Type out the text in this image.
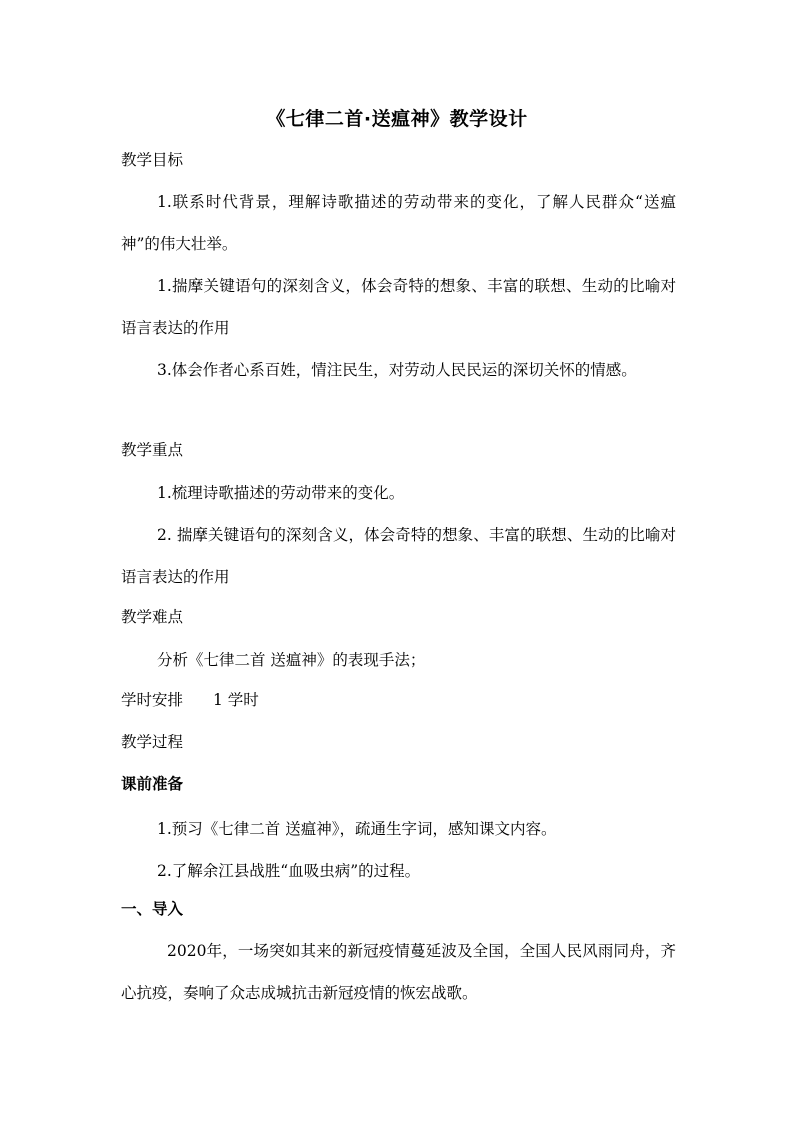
《七律二首·送瘟神》教学设计
教学目标

1.联系时代背景，理解诗歌描述的劳动带来的变化，了解人民群众“送瘟神”的伟大壮举。

1.揣摩关键语句的深刻含义，体会奇特的想象、丰富的联想、生动的比喻对语言表达的作用

3.体会作者心系百姓，情注民生，对劳动人民民运的深切关怀的情感。

教学重点

1.梳理诗歌描述的劳动带来的变化。

2. 揣摩关键语句的深刻含义，体会奇特的想象、丰富的联想、生动的比喻对语言表达的作用

教学难点

分析《七律二首 送瘟神》的表现手法；

学时安排 1 学时
教学过程
课前准备

1.预习《七律二首 送瘟神》，疏通生字词，感知课文内容。

2.了解余江县战胜“血吸虫病”的过程。

一、导入

2020年，一场突如其来的新冠疫情蔓延波及全国，全国人民风雨同舟，齐心抗疫，奏响了众志成城抗击新冠疫情的恢宏战歌。
